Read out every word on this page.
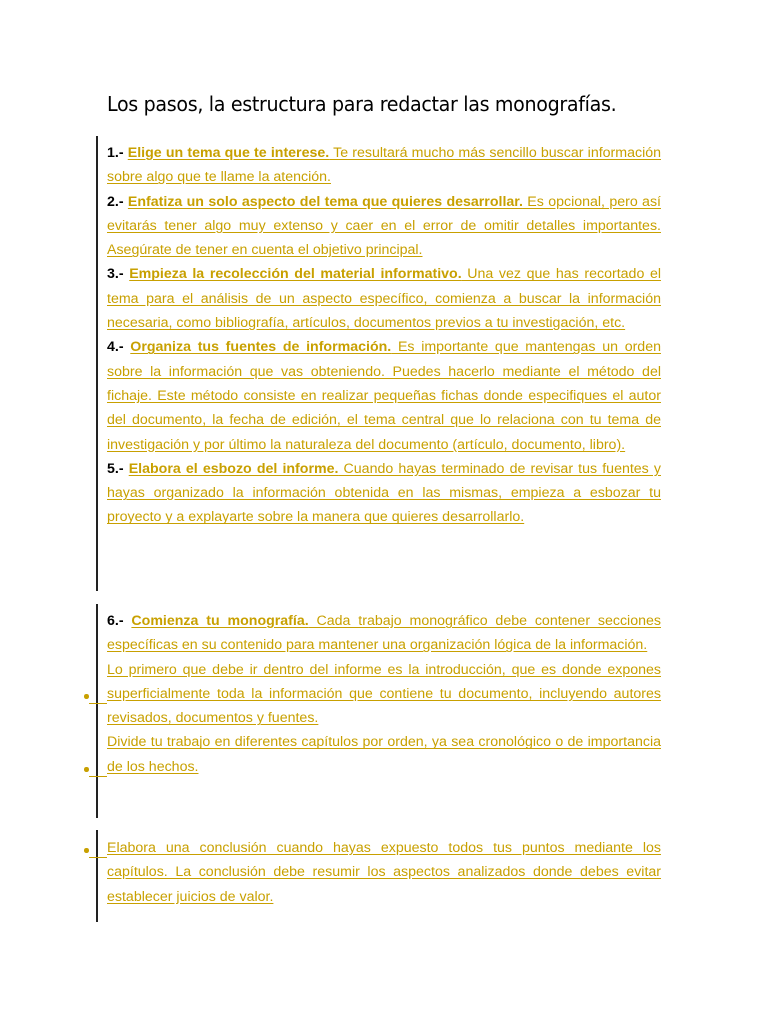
Los pasos, la estructura para redactar las monografías.

1.- Elige un tema que te interese. Te resultará mucho más sencillo buscar información sobre algo que te llame la atención.

2.- Enfatiza un solo aspecto del tema que quieres desarrollar. Es opcional, pero así evitarás tener algo muy extenso y caer en el error de omitir detalles importantes. Asegúrate de tener en cuenta el objetivo principal.

3.- Empieza la recolección del material informativo. Una vez que has recortado el tema para el análisis de un aspecto específico, comienza a buscar la información necesaria, como bibliografía, artículos, documentos previos a tu investigación, etc.

4.- Organiza tus fuentes de información. Es importante que mantengas un orden sobre la información que vas obteniendo. Puedes hacerlo mediante el método del fichaje. Este método consiste en realizar pequeñas fichas donde especifiques el autor del documento, la fecha de edición, el tema central que lo relaciona con tu tema de investigación y por último la naturaleza del documento (artículo, documento, libro).

5.- Elabora el esbozo del informe. Cuando hayas terminado de revisar tus fuentes y hayas organizado la información obtenida en las mismas, empieza a esbozar tu proyecto y a explayarte sobre la manera que quieres desarrollarlo.

6.- Comienza tu monografía. Cada trabajo monográfico debe contener secciones específicas en su contenido para mantener una organización lógica de la información.

Lo primero que debe ir dentro del informe es la introducción, que es donde expones superficialmente toda la información que contiene tu documento, incluyendo autores revisados, documentos y fuentes.

Divide tu trabajo en diferentes capítulos por orden, ya sea cronológico o de importancia de los hechos.

Elabora una conclusión cuando hayas expuesto todos tus puntos mediante los capítulos. La conclusión debe resumir los aspectos analizados donde debes evitar establecer juicios de valor.
